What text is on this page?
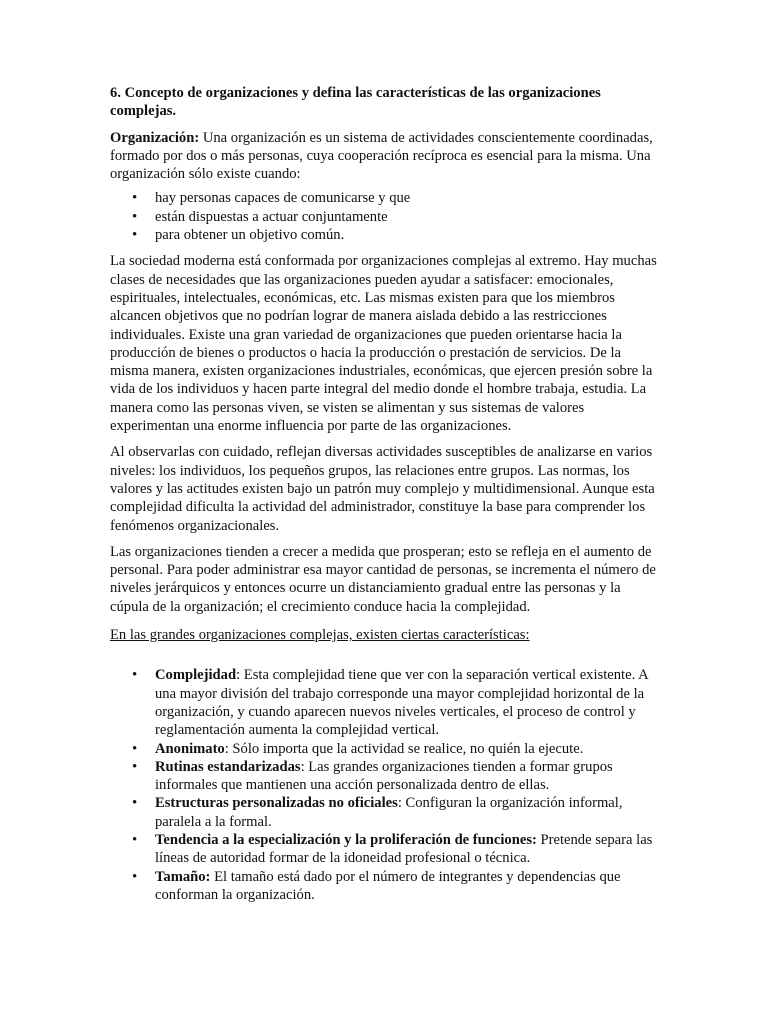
6. Concepto de organizaciones y defina las características de las organizaciones complejas.

Organización: Una organización es un sistema de actividades conscientemente coordinadas, formado por dos o más personas, cuya cooperación recíproca es esencial para la misma. Una organización sólo existe cuando:

• hay personas capaces de comunicarse y que
• están dispuestas a actuar conjuntamente
• para obtener un objetivo común.

La sociedad moderna está conformada por organizaciones complejas al extremo. Hay muchas clases de necesidades que las organizaciones pueden ayudar a satisfacer: emocionales, espirituales, intelectuales, económicas, etc. Las mismas existen para que los miembros alcancen objetivos que no podrían lograr de manera aislada debido a las restricciones individuales. Existe una gran variedad de organizaciones que pueden orientarse hacia la producción de bienes o productos o hacia la producción o prestación de servicios. De la misma manera, existen organizaciones industriales, económicas, que ejercen presión sobre la vida de los individuos y hacen parte integral del medio donde el hombre trabaja, estudia. La manera como las personas viven, se visten se alimentan y sus sistemas de valores experimentan una enorme influencia por parte de las organizaciones.

Al observarlas con cuidado, reflejan diversas actividades susceptibles de analizarse en varios niveles: los individuos, los pequeños grupos, las relaciones entre grupos. Las normas, los valores y las actitudes existen bajo un patrón muy complejo y multidimensional. Aunque esta complejidad dificulta la actividad del administrador, constituye la base para comprender los fenómenos organizacionales.

Las organizaciones tienden a crecer a medida que prosperan; esto se refleja en el aumento de personal. Para poder administrar esa mayor cantidad de personas, se incrementa el número de niveles jerárquicos y entonces ocurre un distanciamiento gradual entre las personas y la cúpula de la organización; el crecimiento conduce hacia la complejidad.

En las grandes organizaciones complejas, existen ciertas características:

• Complejidad: Esta complejidad tiene que ver con la separación vertical existente. A una mayor división del trabajo corresponde una mayor complejidad horizontal de la organización, y cuando aparecen nuevos niveles verticales, el proceso de control y reglamentación aumenta la complejidad vertical.
• Anonimato: Sólo importa que la actividad se realice, no quién la ejecute.
• Rutinas estandarizadas: Las grandes organizaciones tienden a formar grupos informales que mantienen una acción personalizada dentro de ellas.
• Estructuras personalizadas no oficiales: Configuran la organización informal, paralela a la formal.
• Tendencia a la especialización y la proliferación de funciones: Pretende separa las líneas de autoridad formar de la idoneidad profesional o técnica.
• Tamaño: El tamaño está dado por el número de integrantes y dependencias que conforman la organización.
